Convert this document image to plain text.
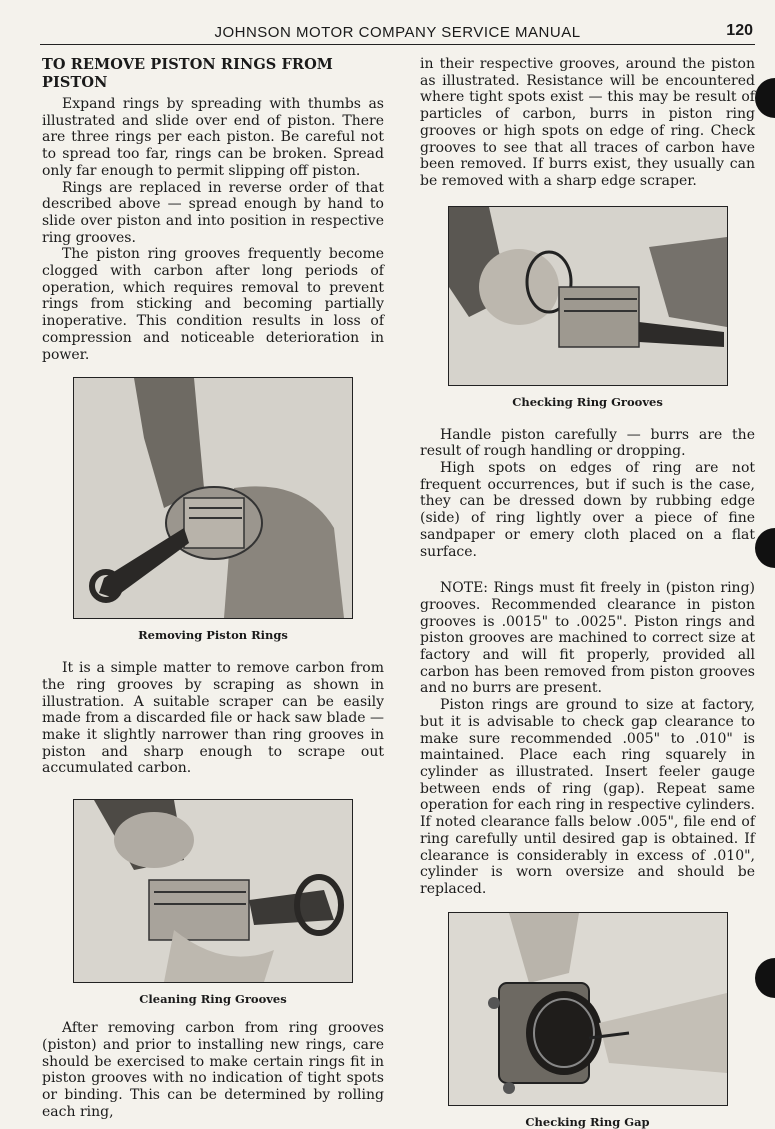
JOHNSON MOTOR COMPANY SERVICE MANUAL	120
TO REMOVE PISTON RINGS FROM PISTON

Expand rings by spreading with thumbs as illustrated and slide over end of piston. There are three rings per each piston. Be careful not to spread too far, rings can be broken. Spread only far enough to permit slipping off piston.

Rings are replaced in reverse order of that described above — spread enough by hand to slide over piston and into position in respective ring grooves.

The piston ring grooves frequently become clogged with carbon after long periods of operation, which requires removal to prevent rings from sticking and becoming partially inoperative. This condition results in loss of compression and noticeable deterioration in power.

Removing Piston Rings

It is a simple matter to remove carbon from the ring grooves by scraping as shown in illustration. A suitable scraper can be easily made from a discarded file or hack saw blade — make it slightly narrower than ring grooves in piston and sharp enough to scrape out accumulated carbon.

Cleaning Ring Grooves

After removing carbon from ring grooves (piston) and prior to installing new rings, care should be exercised to make certain rings fit in piston grooves with no indication of tight spots or binding. This can be determined by rolling each ring,

in their respective grooves, around the piston as illustrated. Resistance will be encountered where tight spots exist — this may be result of particles of carbon, burrs in piston ring grooves or high spots on edge of ring. Check grooves to see that all traces of carbon have been removed. If burrs exist, they usually can be removed with a sharp edge scraper.

Checking Ring Grooves

Handle piston carefully — burrs are the result of rough handling or dropping.

High spots on edges of ring are not frequent occurrences, but if such is the case, they can be dressed down by rubbing edge (side) of ring lightly over a piece of fine sandpaper or emery cloth placed on a flat surface.

NOTE: Rings must fit freely in (piston ring) grooves. Recommended clearance in piston grooves is .0015" to .0025". Piston rings and piston grooves are machined to correct size at factory and will fit properly, provided all carbon has been removed from piston grooves and no burrs are present.

Piston rings are ground to size at factory, but it is advisable to check gap clearance to make sure recommended .005" to .010" is maintained. Place each ring squarely in cylinder as illustrated. Insert feeler gauge between ends of ring (gap). Repeat same operation for each ring in respective cylinders. If noted clearance falls below .005", file end of ring carefully until desired gap is obtained. If clearance is considerably in excess of .010", cylinder is worn oversize and should be replaced.

Checking Ring Gap
